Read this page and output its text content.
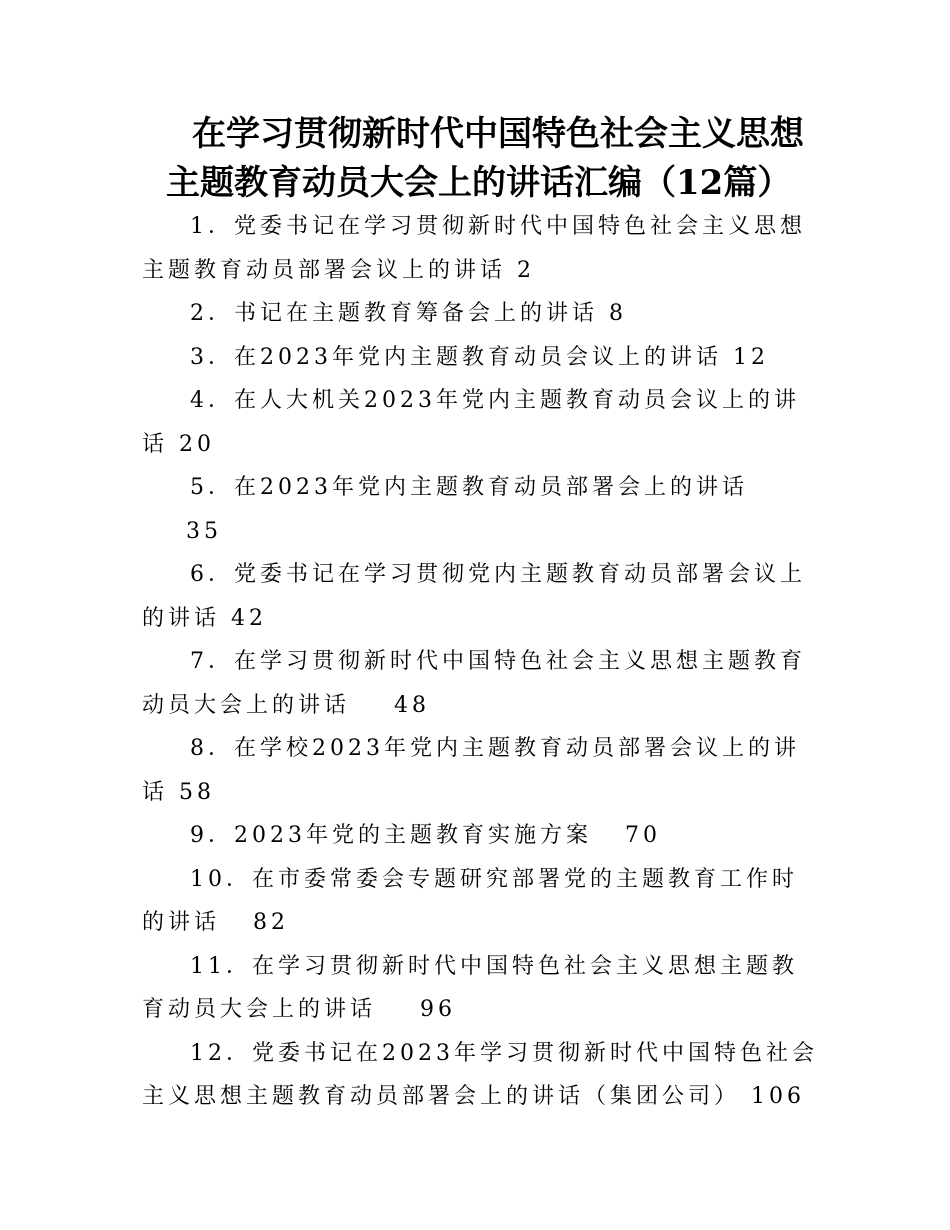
在学习贯彻新时代中国特色社会主义思想
主题教育动员大会上的讲话汇编（12篇）

1．党委书记在学习贯彻新时代中国特色社会主义思想主题教育动员部署会议上的讲话 2

2．书记在主题教育筹备会上的讲话 8

3．在2023年党内主题教育动员会议上的讲话 12

4．在人大机关2023年党内主题教育动员会议上的讲话 20

5．在2023年党内主题教育动员部署会上的讲话    35

6．党委书记在学习贯彻党内主题教育动员部署会议上的讲话 42

7．在学习贯彻新时代中国特色社会主义思想主题教育动员大会上的讲话 48

8．在学校2023年党内主题教育动员部署会议上的讲话 58

9．2023年党的主题教育实施方案 70

10．在市委常委会专题研究部署党的主题教育工作时的讲话 82

11．在学习贯彻新时代中国特色社会主义思想主题教育动员大会上的讲话 96

12．党委书记在2023年学习贯彻新时代中国特色社会主义思想主题教育动员部署会上的讲话（集团公司） 106
